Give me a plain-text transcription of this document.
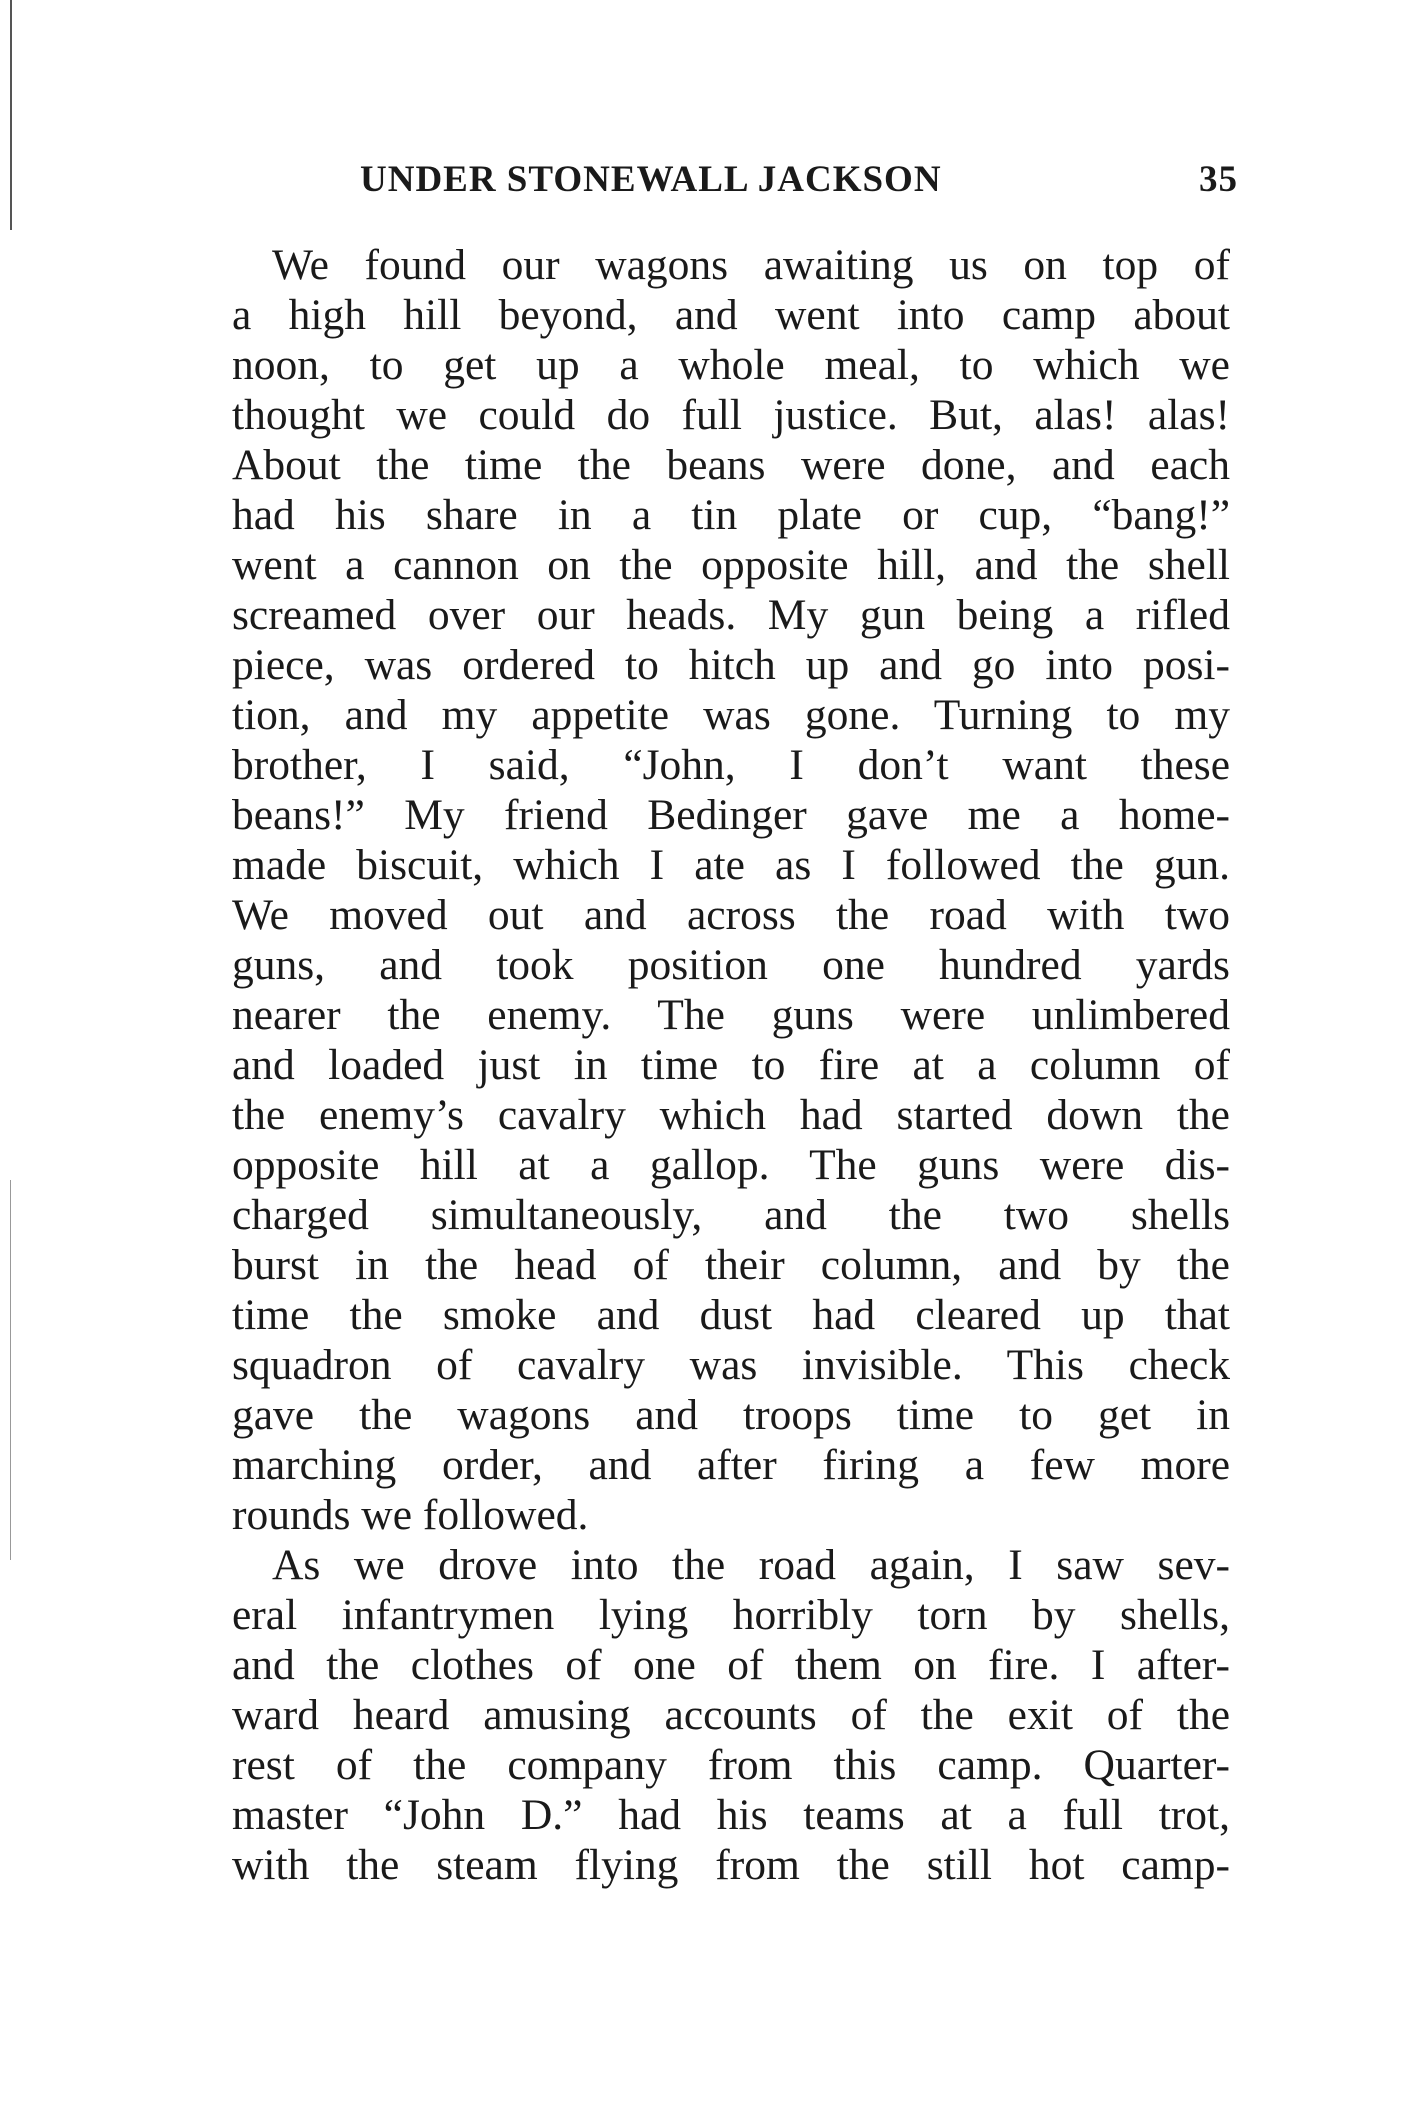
UNDER STONEWALL JACKSON	35
We found our wagons awaiting us on top of
a high hill beyond, and went into camp about
noon, to get up a whole meal, to which we
thought we could do full justice. But, alas! alas!
About the time the beans were done, and each
had his share in a tin plate or cup, “bang!”
went a cannon on the opposite hill, and the shell
screamed over our heads. My gun being a rifled
piece, was ordered to hitch up and go into posi-
tion, and my appetite was gone. Turning to my
brother, I said, “John, I don’t want these
beans!” My friend Bedinger gave me a home-
made biscuit, which I ate as I followed the gun.
We moved out and across the road with two
guns, and took position one hundred yards
nearer the enemy. The guns were unlimbered
and loaded just in time to fire at a column of
the enemy’s cavalry which had started down the
opposite hill at a gallop. The guns were dis-
charged simultaneously, and the two shells
burst in the head of their column, and by the
time the smoke and dust had cleared up that
squadron of cavalry was invisible. This check
gave the wagons and troops time to get in
marching order, and after firing a few more
rounds we followed.
As we drove into the road again, I saw sev-
eral infantrymen lying horribly torn by shells,
and the clothes of one of them on fire. I after-
ward heard amusing accounts of the exit of the
rest of the company from this camp. Quarter-
master “John D.” had his teams at a full trot,
with the steam flying from the still hot camp-
